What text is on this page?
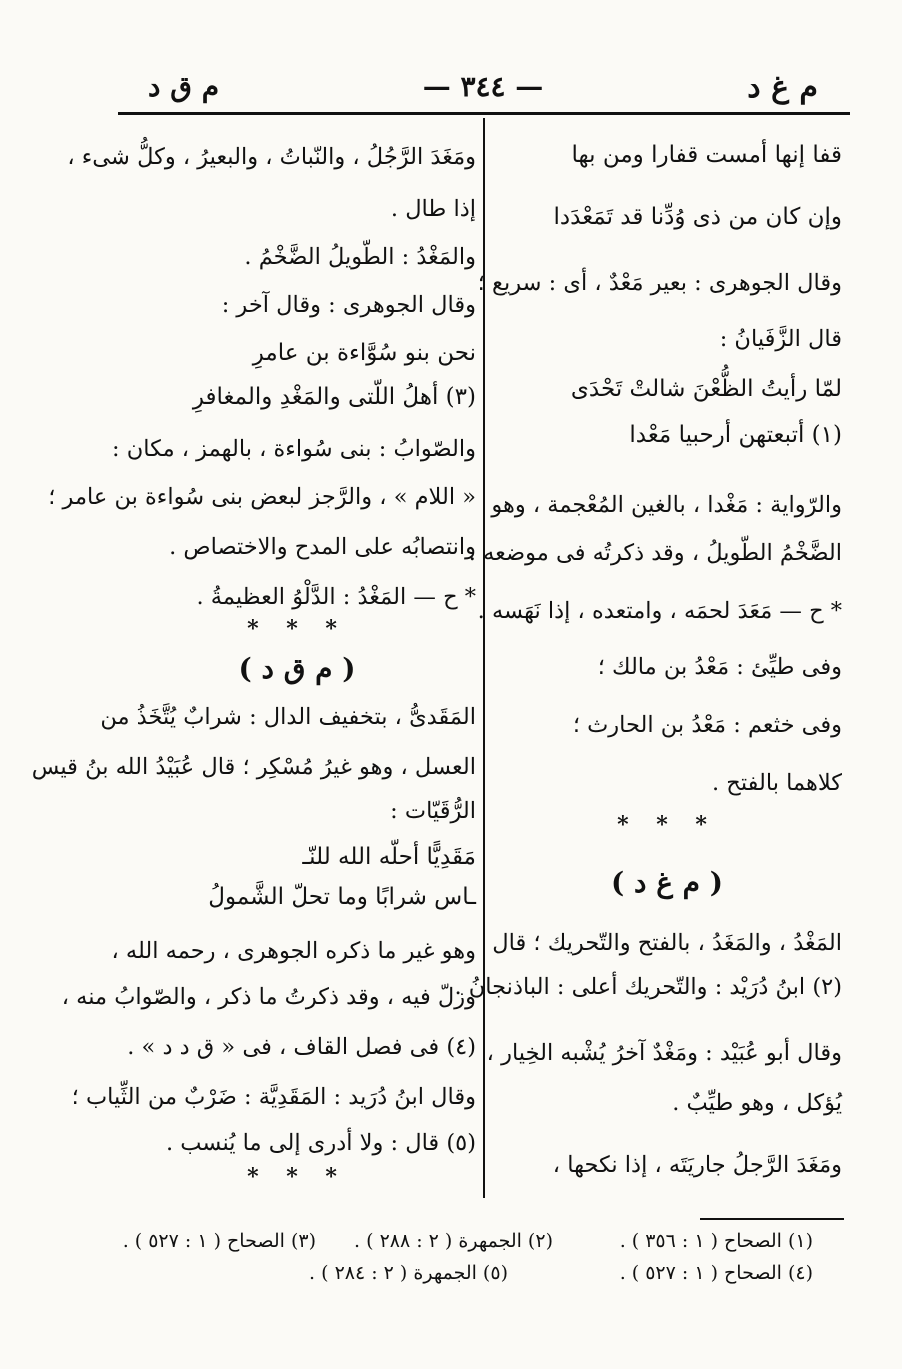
م غ د
— ٣٤٤ —
م ق د
قفا إنها أمست قفارا ومن بها
وإن كان من ذى وُدِّنا قد تَمَعْدَدا
وقال الجوهرى : بعير مَعْدٌ ، أى : سريع ؛
قال الزَّفَيانُ :
لمّا رأيتُ الظُّعْنَ شالتْ تَحْدَى
(١) أتبعتهن أرحبيا مَعْدا
والرّواية : مَغْدا ، بالغين المُعْجمة ، وهو
الضَّخْمُ الطّويلُ ، وقد ذكرتُه فى موضعه .
* ح — مَعَدَ لحمَه ، وامتعده ، إذا نَهَسه .
وفى طيِّئ : مَعْدُ بن مالك ؛
وفى خثعم : مَعْدُ بن الحارث ؛
كلاهما بالفتح .
* * *
( م غ د )
المَغْدُ ، والمَغَدُ ، بالفتح والتّحريك ؛ قال
(٢) ابنُ دُرَيْد : والتّحريك أعلى : الباذنجانُ .
وقال أبو عُبَيْد : ومَغْدٌ آخرُ يُشْبه الخِيار ،
يُؤكل ، وهو طيِّبٌ .
ومَغَدَ الرَّجلُ جاريَتَه ، إذا نكحها ،
ومَغَدَ الرَّجُلُ ، والنّباتُ ، والبعيرُ ، وكلُّ شىء ،
إذا طال .
والمَغْدُ : الطّويلُ الضَّخْمُ .
وقال الجوهرى : وقال آخر :
نحن بنو سُوَّاءة بن عامرِ
(٣) أهلُ اللّتى والمَغْدِ والمغافرِ
والصّوابُ : بنى سُواءة ، بالهمز ، مكان :
« اللام » ، والرَّجز لبعض بنى سُواءة بن عامر ؛
وانتصابُه على المدح والاختصاص .
* ح — المَغْدُ : الدَّلْوُ العظيمةُ .
* * *
( م ق د )
المَقَدىُّ ، بتخفيف الدال : شرابٌ يُتَّخَذُ من
العسل ، وهو غيرُ مُسْكِر ؛ قال عُبَيْدُ الله بنُ قيس
الرُّقَيّات :
مَقَدِيًّا أحلّه الله للنّـ
ـاس شرابًا وما تحلّ الشَّمولُ
وهو غير ما ذكره الجوهرى ، رحمه الله ،
وزلّ فيه ، وقد ذكرتُ ما ذكر ، والصّوابُ منه ،
(٤) فى فصل القاف ، فى « ق د د » .
وقال ابنُ دُرَيد : المَقَدِيَّة : ضَرْبٌ من الثِّياب ؛
(٥) قال : ولا أدرى إلى ما يُنسب .
* * *
(١) الصحاح ( ١ : ٣٥٦ ) .
(٢) الجمهرة ( ٢ : ٢٨٨ ) .
(٣) الصحاح ( ١ : ٥٢٧ ) .
(٤) الصحاح ( ١ : ٥٢٧ ) .
(٥) الجمهرة ( ٢ : ٢٨٤ ) .
